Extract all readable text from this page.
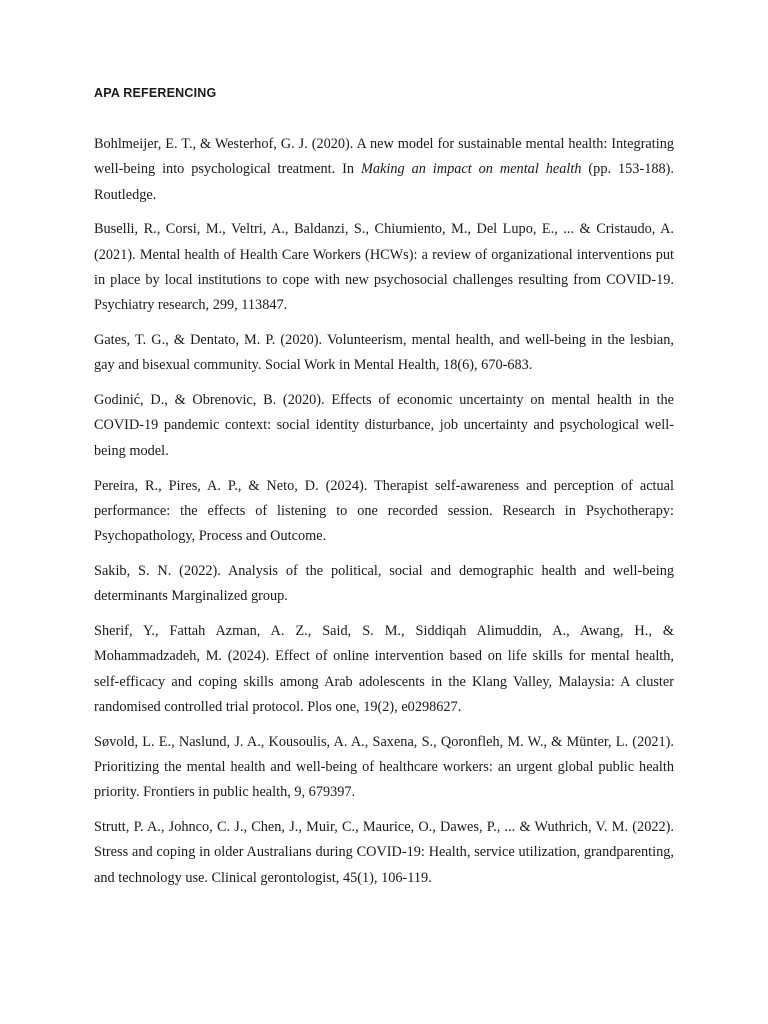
APA REFERENCING

Bohlmeijer, E. T., & Westerhof, G. J. (2020). A new model for sustainable mental health: Integrating well-being into psychological treatment. In Making an impact on mental health (pp. 153-188). Routledge.

Buselli, R., Corsi, M., Veltri, A., Baldanzi, S., Chiumiento, M., Del Lupo, E., ... & Cristaudo, A. (2021). Mental health of Health Care Workers (HCWs): a review of organizational interventions put in place by local institutions to cope with new psychosocial challenges resulting from COVID-19. Psychiatry research, 299, 113847.

Gates, T. G., & Dentato, M. P. (2020). Volunteerism, mental health, and well-being in the lesbian, gay and bisexual community. Social Work in Mental Health, 18(6), 670-683.

Godinić, D., & Obrenovic, B. (2020). Effects of economic uncertainty on mental health in the COVID-19 pandemic context: social identity disturbance, job uncertainty and psychological well-being model.

Pereira, R., Pires, A. P., & Neto, D. (2024). Therapist self-awareness and perception of actual performance: the effects of listening to one recorded session. Research in Psychotherapy: Psychopathology, Process and Outcome.

Sakib, S. N. (2022). Analysis of the political, social and demographic health and well-being determinants Marginalized group.

Sherif, Y., Fattah Azman, A. Z., Said, S. M., Siddiqah Alimuddin, A., Awang, H., & Mohammadzadeh, M. (2024). Effect of online intervention based on life skills for mental health, self-efficacy and coping skills among Arab adolescents in the Klang Valley, Malaysia: A cluster randomised controlled trial protocol. Plos one, 19(2), e0298627.

Søvold, L. E., Naslund, J. A., Kousoulis, A. A., Saxena, S., Qoronfleh, M. W., & Münter, L. (2021). Prioritizing the mental health and well-being of healthcare workers: an urgent global public health priority. Frontiers in public health, 9, 679397.

Strutt, P. A., Johnco, C. J., Chen, J., Muir, C., Maurice, O., Dawes, P., ... & Wuthrich, V. M. (2022). Stress and coping in older Australians during COVID-19: Health, service utilization, grandparenting, and technology use. Clinical gerontologist, 45(1), 106-119.
